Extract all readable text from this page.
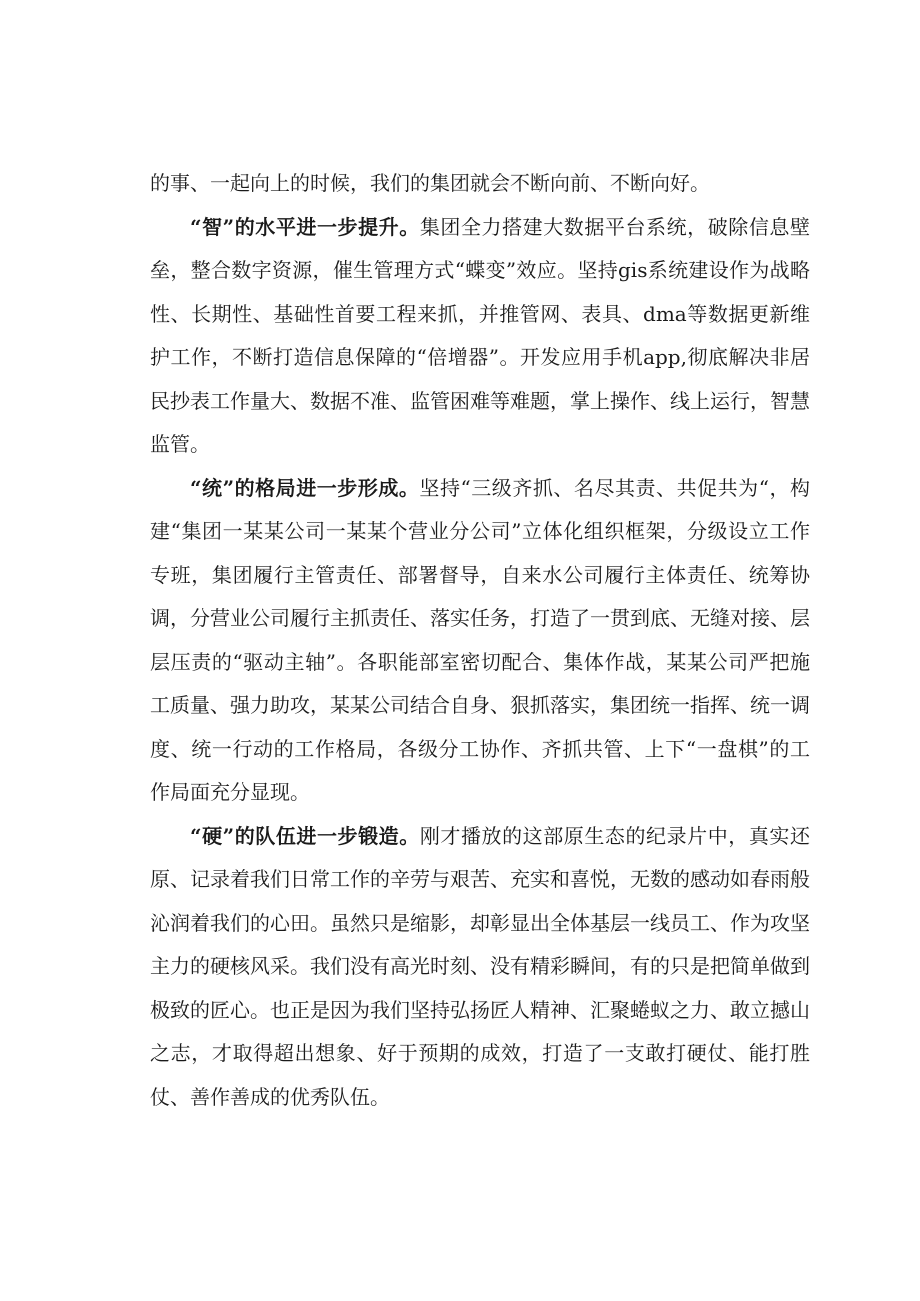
的事、一起向上的时候，我们的集团就会不断向前、不断向好。

“智”的水平进一步提升。集团全力搭建大数据平台系统，破除信息壁垒，整合数字资源，催生管理方式“蝶变”效应。坚持gis系统建设作为战略性、长期性、基础性首要工程来抓，并推管网、表具、dma等数据更新维护工作，不断打造信息保障的“倍增器”。开发应用手机app,彻底解决非居民抄表工作量大、数据不准、监管困难等难题，掌上操作、线上运行，智慧监管。

“统”的格局进一步形成。坚持“三级齐抓、名尽其责、共促共为“，构建“集团一某某公司一某某个营业分公司”立体化组织框架，分级设立工作专班，集团履行主管责任、部署督导，自来水公司履行主体责任、统筹协调，分营业公司履行主抓责任、落实任务，打造了一贯到底、无缝对接、层层压责的“驱动主轴”。各职能部室密切配合、集体作战，某某公司严把施工质量、强力助攻，某某公司结合自身、狠抓落实，集团统一指挥、统一调度、统一行动的工作格局，各级分工协作、齐抓共管、上下“一盘棋”的工作局面充分显现。

“硬”的队伍进一步锻造。刚才播放的这部原生态的纪录片中，真实还原、记录着我们日常工作的辛劳与艰苦、充实和喜悦，无数的感动如春雨般沁润着我们的心田。虽然只是缩影，却彰显出全体基层一线员工、作为攻坚主力的硬核风采。我们没有高光时刻、没有精彩瞬间，有的只是把简单做到极致的匠心。也正是因为我们坚持弘扬匠人精神、汇聚蜷蚁之力、敢立撼山之志，才取得超出想象、好于预期的成效，打造了一支敢打硬仗、能打胜仗、善作善成的优秀队伍。
